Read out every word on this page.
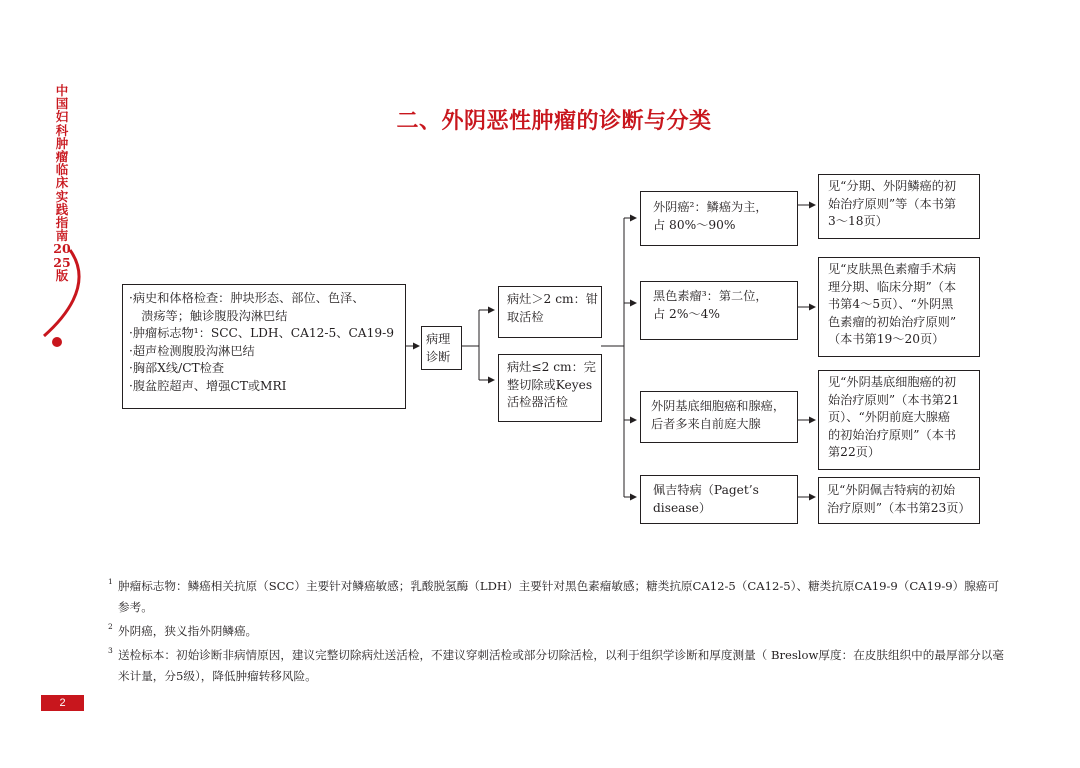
中国妇科肿瘤临床实践指南2025版
二、外阴恶性肿瘤的诊断与分类
·病史和体格检查：肿块形态、部位、色泽、
　溃疡等；触诊腹股沟淋巴结
·肿瘤标志物¹：SCC、LDH、CA12-5、CA19-9
·超声检测腹股沟淋巴结
·胸部X线/CT检查
·腹盆腔超声、增强CT或MRI
病理
诊断
病灶＞2 cm：钳
取活检
病灶≤2 cm：完
整切除或Keyes
活检器活检
外阴癌²：鳞癌为主，
占 80%～90%
黑色素瘤³：第二位，
占 2%～4%
外阴基底细胞癌和腺癌，
后者多来自前庭大腺
佩吉特病（Paget’s
disease）
见“分期、外阴鳞癌的初
始治疗原则”等（本书第
3～18页）
见“皮肤黑色素瘤手术病
理分期、临床分期”（本
书第4～5页）、“外阴黑
色素瘤的初始治疗原则”
（本书第19～20页）
见“外阴基底细胞癌的初
始治疗原则”（本书第21
页）、“外阴前庭大腺癌
的初始治疗原则”（本书
第22页）
见“外阴佩吉特病的初始
治疗原则”（本书第23页）
1 肿瘤标志物：鳞癌相关抗原（SCC）主要针对鳞癌敏感；乳酸脱氢酶（LDH）主要针对黑色素瘤敏感；糖类抗原CA12-5（CA12-5）、糖类抗原CA19-9（CA19-9）腺癌可参考。
2 外阴癌，狭义指外阴鳞癌。
3 送检标本：初始诊断非病情原因，建议完整切除病灶送活检，不建议穿刺活检或部分切除活检，以利于组织学诊断和厚度测量（ Breslow厚度：在皮肤组织中的最厚部分以毫米计量，分5级），降低肿瘤转移风险。
2
